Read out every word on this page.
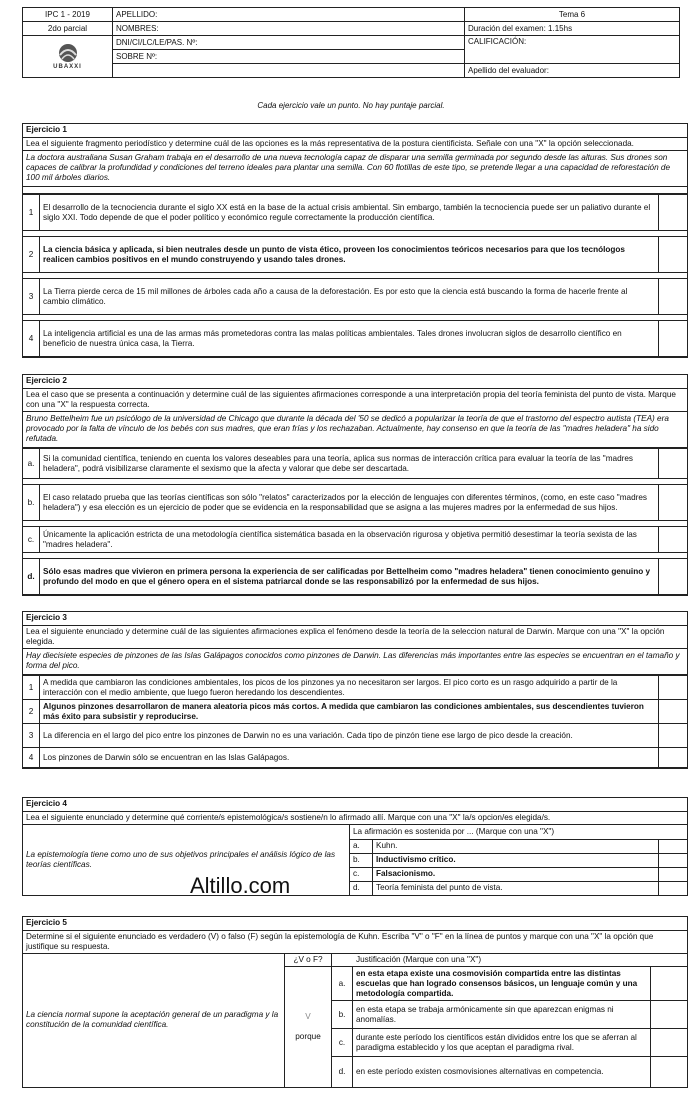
IPC 1 - 2019	APELLIDO:	Tema 6
2do parcial	NOMBRES:	Duración del examen: 1.15hs

UBAXXI	DNI/CI/LC/LE/PAS. Nº:	CALIFICACIÓN:
	SOBRE Nº:	
		Apellido del evaluador:
Cada ejercicio vale un punto. No hay puntaje parcial.
Ejercicio 1
Lea el siguiente fragmento periodístico y determine cuál de las opciones es la más representativa de la postura cientificista. Señale con una "X" la opción seleccionada.
La doctora australiana Susan Graham trabaja en el desarrollo de una nueva tecnología capaz de disparar una semilla germinada por segundo desde las alturas. Sus drones son capaces de calibrar la profundidad y condiciones del terreno ideales para plantar una semilla. Con 60 flotillas de este tipo, se pretende llegar a una capacidad de reforestación de 100 mil árboles diarios.
1	El desarrollo de la tecnociencia durante el siglo XX está en la base de la actual crisis ambiental. Sin embargo, también la tecnociencia puede ser un paliativo durante el siglo XXI. Todo depende de que el poder político y económico regule correctamente la producción científica.	

2	La ciencia básica y aplicada, si bien neutrales desde un punto de vista ético, proveen los conocimientos teóricos necesarios para que los tecnólogos realicen cambios positivos en el mundo construyendo y usando tales drones.	

3	La Tierra pierde cerca de 15 mil millones de árboles cada año a causa de la deforestación. Es por esto que la ciencia está buscando la forma de hacerle frente al cambio climático.	

4	La inteligencia artificial es una de las armas más prometedoras contra las malas políticas ambientales. Tales drones involucran siglos de desarrollo científico en beneficio de nuestra única casa, la Tierra.	
Ejercicio 2
Lea el caso que se presenta a continuación y determine cuál de las siguientes afirmaciones corresponde a una interpretación propia del teoría feminista del punto de vista. Marque con una "X" la respuesta correcta.
Bruno Bettelheim fue un psicólogo de la universidad de Chicago que durante la década del '50 se dedicó a popularizar la teoría de que el trastorno del espectro autista (TEA) era provocado por la falta de vínculo de los bebés con sus madres, que eran frías y los rechazaban. Actualmente, hay consenso en que la teoría de las "madres heladera" ha sido refutada.
a.	Si la comunidad científica, teniendo en cuenta los valores deseables para una teoría, aplica sus normas de interacción crítica para evaluar la teoría de las "madres heladera", podrá visibilizarse claramente el sexismo que la afecta y valorar que debe ser descartada.	

b.	El caso relatado prueba que las teorías científicas son sólo "relatos" caracterizados por la elección de lenguajes con diferentes términos, (como, en este caso "madres heladera") y esa elección es un ejercicio de poder que se evidencia en la responsabilidad que se asigna a las mujeres madres por la enfermedad de sus hijos.	

c.	Únicamente la aplicación estricta de una metodología científica sistemática basada en la observación rigurosa y objetiva permitió desestimar la teoría sexista de las "madres heladera".	

d.	Sólo esas madres que vivieron en primera persona la experiencia de ser calificadas por Bettelheim como "madres heladera" tienen conocimiento genuino y profundo del modo en que el género opera en el sistema patriarcal donde se las responsabilizó por la enfermedad de sus hijos.	
Ejercicio 3
Lea el siguiente enunciado y determine cuál de las siguientes afirmaciones explica el fenómeno desde la teoría de la seleccion natural de Darwin. Marque con una "X" la opción elegida.
Hay diecisiete especies de pinzones de las Islas Galápagos conocidos como pinzones de Darwin. Las diferencias más importantes entre las especies se encuentran en el tamaño y forma del pico.
1	A medida que cambiaron las condiciones ambientales, los picos de los pinzones ya no necesitaron ser largos. El pico corto es un rasgo adquirido a partir de la interacción con el medio ambiente, que luego fueron heredando los descendientes.	
2	Algunos pinzones desarrollaron de manera aleatoria picos más cortos. A medida que cambiaron las condiciones ambientales, sus descendientes tuvieron más éxito para subsistir y reproducirse.	
3	La diferencia en el largo del pico entre los pinzones de Darwin no es una variación. Cada tipo de pinzón tiene ese largo de pico desde la creación.	
4	Los pinzones de Darwin sólo se encuentran en las Islas Galápagos.	
Ejercicio 4
Lea el siguiente enunciado y determine qué corriente/s epistemológica/s sostiene/n lo afirmado allí. Marque con una "X" la/s opcion/es elegida/s.
La epistemología tiene como uno de sus objetivos principales el análisis lógico de las teorías científicas.	La afirmación es sostenida por ... (Marque con una "X")		
	a.	Kuhn.	
	b.	Inductivismo crítico.	
	c.	Falsacionismo.	
	d.	Teoría feminista del punto de vista.	
Altillo.com
Ejercicio 5
Determine si el siguiente enunciado es verdadero (V) o falso (F) según la epistemología de Kuhn. Escriba "V" o "F" en la línea de puntos y marque con una "X" la opción que justifique su respuesta.
La ciencia normal supone la aceptación general de un paradigma y la constitución de la comunidad científica.	¿V o F?	Justificación (Marque con una "X")		

	V
porque	a.	en esta etapa existe una cosmovisión compartida entre las distintas escuelas que han logrado consensos básicos, un lenguaje común y una metodología compartida.	
		b.	en esta etapa se trabaja armónicamente sin que aparezcan enigmas ni anomalías.	
		c.	durante este período los científicos están divididos entre los que se aferran al paradigma establecido y los que aceptan el paradigma rival.	
		d.	en este período existen cosmovisiones alternativas en competencia.	
